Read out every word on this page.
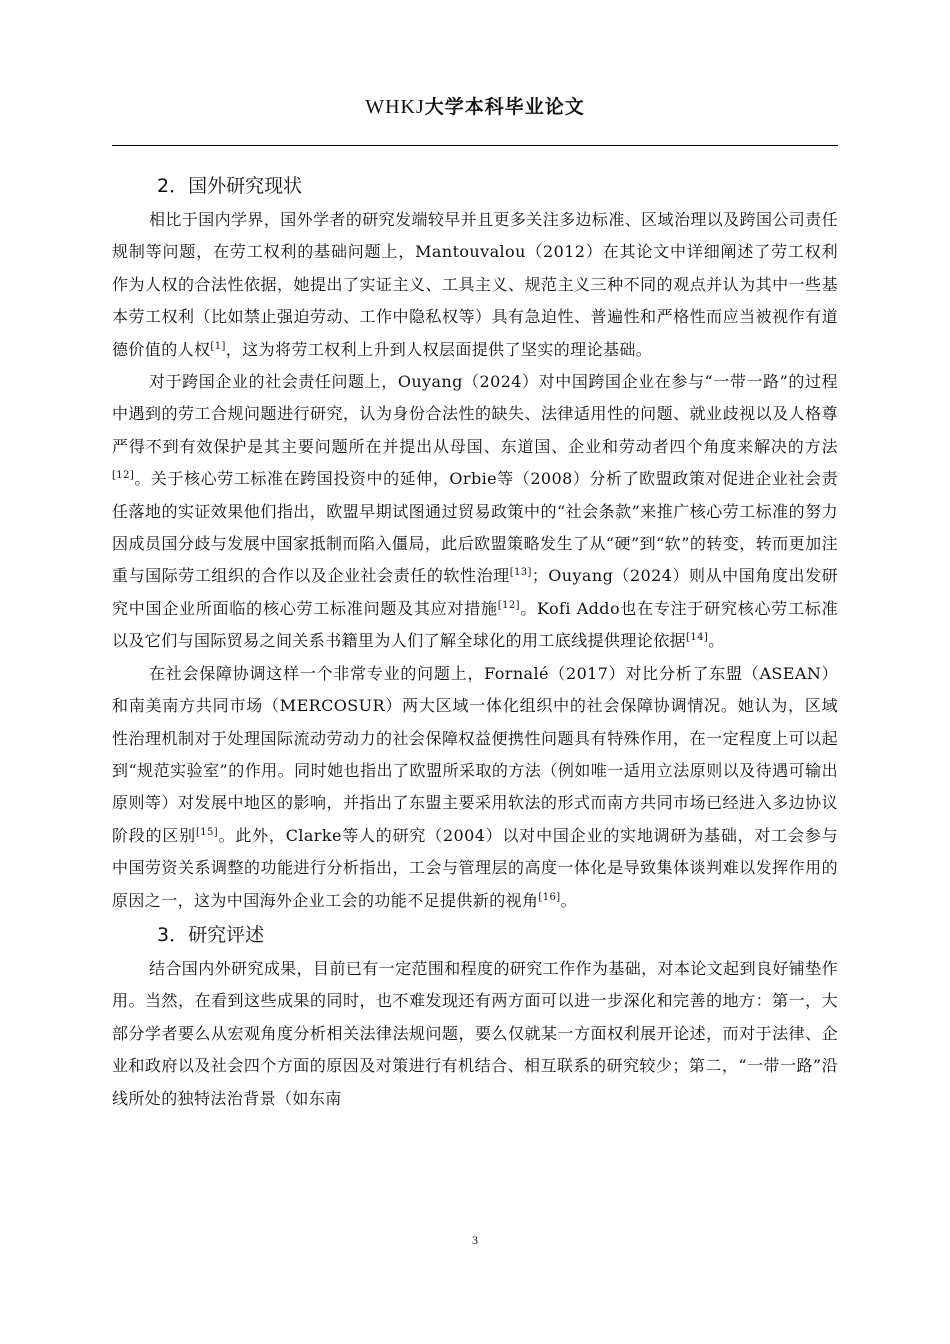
WHKJ大学本科毕业论文
2．国外研究现状

相比于国内学界，国外学者的研究发端较早并且更多关注多边标准、区域治理以及跨国公司责任规制等问题，在劳工权利的基础问题上，Mantouvalou（2012）在其论文中详细阐述了劳工权利作为人权的合法性依据，她提出了实证主义、工具主义、规范主义三种不同的观点并认为其中一些基本劳工权利（比如禁止强迫劳动、工作中隐私权等）具有急迫性、普遍性和严格性而应当被视作有道德价值的人权[1]，这为将劳工权利上升到人权层面提供了坚实的理论基础。

对于跨国企业的社会责任问题上，Ouyang（2024）对中国跨国企业在参与“一带一路”的过程中遇到的劳工合规问题进行研究，认为身份合法性的缺失、法律适用性的问题、就业歧视以及人格尊严得不到有效保护是其主要问题所在并提出从母国、东道国、企业和劳动者四个角度来解决的方法[12]。关于核心劳工标准在跨国投资中的延伸，Orbie等（2008）分析了欧盟政策对促进企业社会责任落地的实证效果他们指出，欧盟早期试图通过贸易政策中的“社会条款”来推广核心劳工标准的努力因成员国分歧与发展中国家抵制而陷入僵局，此后欧盟策略发生了从“硬”到“软”的转变，转而更加注重与国际劳工组织的合作以及企业社会责任的软性治理[13]；Ouyang（2024）则从中国角度出发研究中国企业所面临的核心劳工标准问题及其应对措施[12]。Kofi Addo也在专注于研究核心劳工标准以及它们与国际贸易之间关系书籍里为人们了解全球化的用工底线提供理论依据[14]。

在社会保障协调这样一个非常专业的问题上，Fornalé（2017）对比分析了东盟（ASEAN）和南美南方共同市场（MERCOSUR）两大区域一体化组织中的社会保障协调情况。她认为，区域性治理机制对于处理国际流动劳动力的社会保障权益便携性问题具有特殊作用，在一定程度上可以起到“规范实验室”的作用。同时她也指出了欧盟所采取的方法（例如唯一适用立法原则以及待遇可输出原则等）对发展中地区的影响，并指出了东盟主要采用软法的形式而南方共同市场已经进入多边协议阶段的区别[15]。此外，Clarke等人的研究（2004）以对中国企业的实地调研为基础，对工会参与中国劳资关系调整的功能进行分析指出，工会与管理层的高度一体化是导致集体谈判难以发挥作用的原因之一，这为中国海外企业工会的功能不足提供新的视角[16]。

3．研究评述

结合国内外研究成果，目前已有一定范围和程度的研究工作作为基础，对本论文起到良好铺垫作用。当然，在看到这些成果的同时，也不难发现还有两方面可以进一步深化和完善的地方：第一，大部分学者要么从宏观角度分析相关法律法规问题，要么仅就某一方面权利展开论述，而对于法律、企业和政府以及社会四个方面的原因及对策进行有机结合、相互联系的研究较少；第二，“一带一路”沿线所处的独特法治背景（如东南

3
